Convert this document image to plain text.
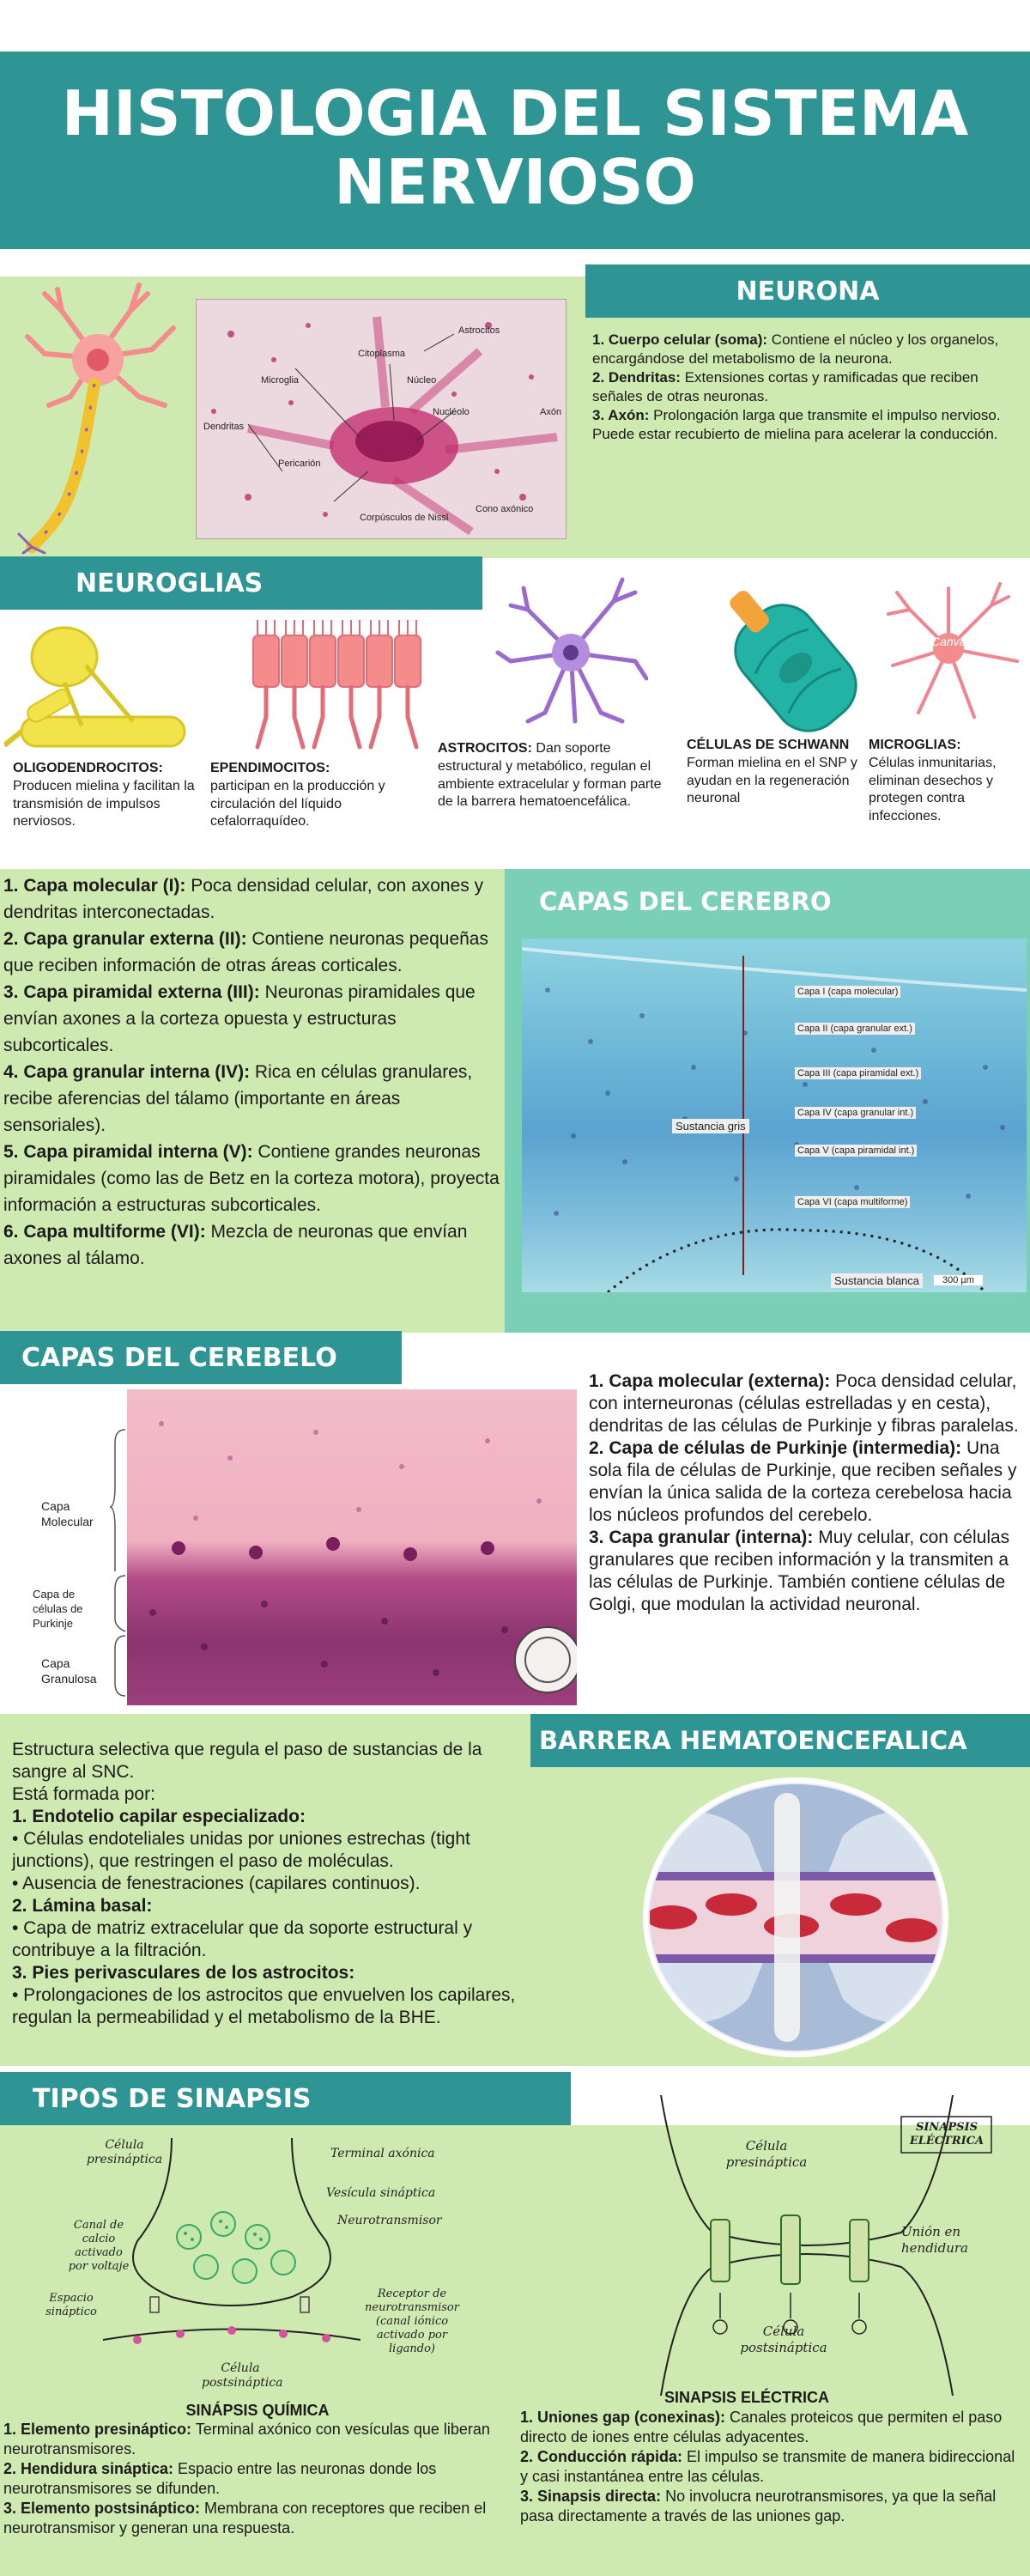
HISTOLOGIA DEL SISTEMA
NERVIOSO
Astrocitos
Citoplasma
Microglia	Núcleo
Dendritas
Nucléolo	Axón
Pericarión
Cono axónico
Corpúsculos de Nissl
NEURONA
1. Cuerpo celular (soma): Contiene el núcleo y los organelos, encargándose del metabolismo de la neurona.
2. Dendritas: Extensiones cortas y ramificadas que reciben señales de otras neuronas.
3. Axón: Prolongación larga que transmite el impulso nervioso. Puede estar recubierto de mielina para acelerar la conducción.
NEUROGLIAS
Canva
OLIGODENDROCITOS:
Producen mielina y facilitan la transmisión de impulsos nerviosos.
EPENDIMOCITOS:
participan en la producción y circulación del líquido cefalorraquídeo.
ASTROCITOS: Dan soporte estructural y metabólico, regulan el ambiente extracelular y forman parte de la barrera hematoencefálica.
CÉLULAS DE SCHWANN
Forman mielina en el SNP y ayudan en la regeneración neuronal
MICROGLIAS:
Células inmunitarias, eliminan desechos y protegen contra infecciones.
CAPAS DEL CEREBRO
1. Capa molecular (I): Poca densidad celular, con axones y dendritas interconectadas.
2. Capa granular externa (II): Contiene neuronas pequeñas que reciben información de otras áreas corticales.
3. Capa piramidal externa (III): Neuronas piramidales que envían axones a la corteza opuesta y estructuras subcorticales.
4. Capa granular interna (IV): Rica en células granulares, recibe aferencias del tálamo (importante en áreas sensoriales).
5. Capa piramidal interna (V): Contiene grandes neuronas piramidales (como las de Betz en la corteza motora), proyecta información a estructuras subcorticales.
6. Capa multiforme (VI): Mezcla de neuronas que envían axones al tálamo.
Capa I (capa molecular)
Capa II (capa granular ext.)
Capa III (capa piramidal ext.)
Capa IV (capa granular int.)
Capa V (capa piramidal int.)
Capa VI (capa multiforme)
Sustancia gris
Sustancia blanca	300 µm
CAPAS DEL CEREBELO
Capa Molecular
Capa de células de Purkinje
Capa Granulosa
1. Capa molecular (externa): Poca densidad celular, con interneuronas (células estrelladas y en cesta), dendritas de las células de Purkinje y fibras paralelas.
2. Capa de células de Purkinje (intermedia): Una sola fila de células de Purkinje, que reciben señales y envían la única salida de la corteza cerebelosa hacia los núcleos profundos del cerebelo.
3. Capa granular (interna): Muy celular, con células granulares que reciben información y la transmiten a las células de Purkinje. También contiene células de Golgi, que modulan la actividad neuronal.
BARRERA HEMATOENCEFALICA
Estructura selectiva que regula el paso de sustancias de la sangre al SNC.
Está formada por:
1. Endotelio capilar especializado:
• Células endoteliales unidas por uniones estrechas (tight junctions), que restringen el paso de moléculas.
• Ausencia de fenestraciones (capilares continuos).
2. Lámina basal:
• Capa de matriz extracelular que da soporte estructural y contribuye a la filtración.
3. Pies perivasculares de los astrocitos:
• Prolongaciones de los astrocitos que envuelven los capilares, regulan la permeabilidad y el metabolismo de la BHE.
TIPOS DE SINAPSIS
Célula presináptica	Terminal axónica
Vesícula sináptica
Neurotransmisor
Canal de calcio activado por voltaje
Espacio sináptico
Receptor de neurotransmisor (canal iónico activado por ligando)
Célula postsináptica
SINÁPSIS QUÍMICA
1. Elemento presináptico: Terminal axónico con vesículas que liberan neurotransmisores.
2. Hendidura sináptica: Espacio entre las neuronas donde los neurotransmisores se difunden.
3. Elemento postsináptico: Membrana con receptores que reciben el neurotransmisor y generan una respuesta.
SINAPSIS ELÉCTRICA
Célula presináptica
Unión en hendidura
Célula postsináptica
SINAPSIS ELÉCTRICA
1. Uniones gap (conexinas): Canales proteicos que permiten el paso directo de iones entre células adyacentes.
2. Conducción rápida: El impulso se transmite de manera bidireccional y casi instantánea entre las células.
3. Sinapsis directa: No involucra neurotransmisores, ya que la señal pasa directamente a través de las uniones gap.
